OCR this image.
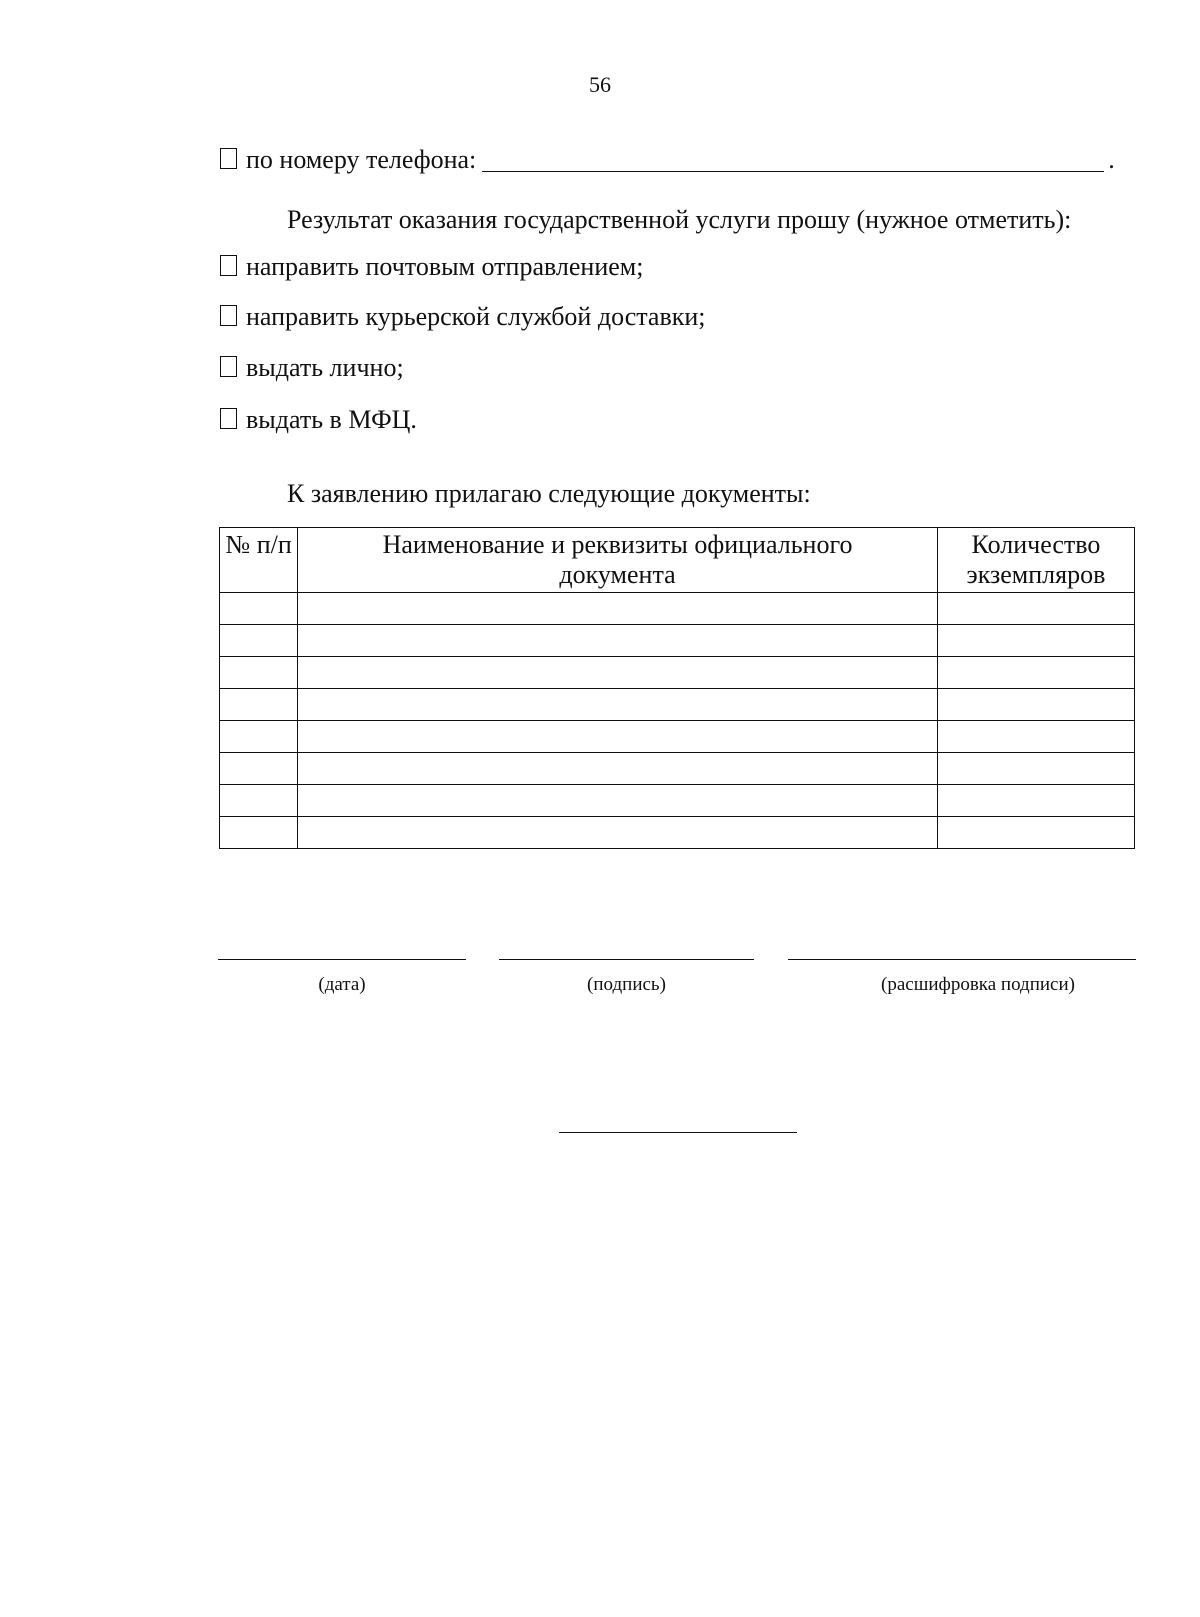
56
по номеру телефона:	.
Результат оказания государственной услуги прошу (нужное отметить):
направить почтовым отправлением;
направить курьерской службой доставки;
выдать лично;
выдать в МФЦ.
К заявлению прилагаю следующие документы:
№ п/п	Наименование и реквизиты официального документа	Количество экземпляров

(дата)	(подпись)	(расшифровка подписи)
